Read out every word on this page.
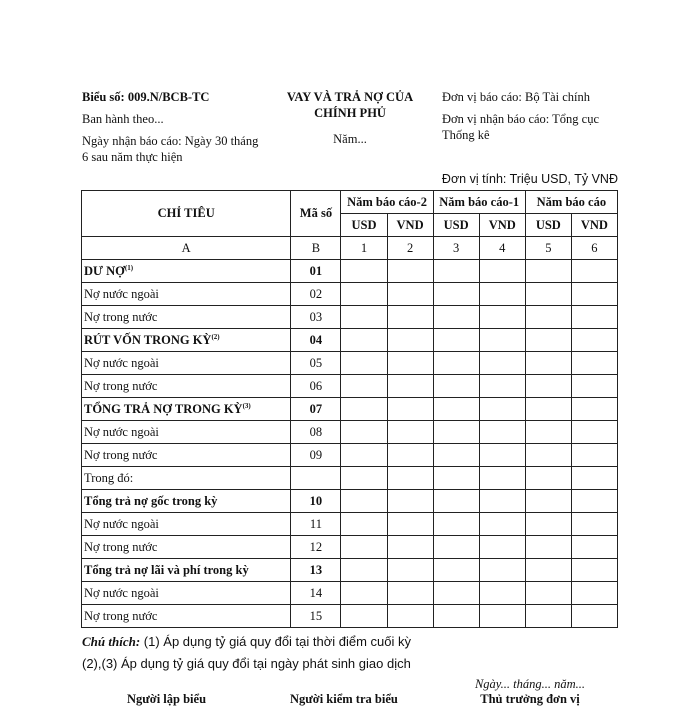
Biểu số: 009.N/BCB-TC
Ban hành theo...
Ngày nhận báo cáo: Ngày 30 tháng 6 sau năm thực hiện
VAY VÀ TRẢ NỢ CỦA
CHÍNH PHỦ
Năm...
Đơn vị báo cáo: Bộ Tài chính
Đơn vị nhận báo cáo: Tổng cục Thống kê
Đơn vị tính: Triệu USD, Tỷ VNĐ
CHỈ TIÊU	Mã số	Năm báo cáo-2		Năm báo cáo-1		Năm báo cáo	
		USD	VND	USD	VND	USD	VND
A	B	1	2	3	4	5	6
DƯ NỢ$^{(1)}$	01						
Nợ nước ngoài	02						
Nợ trong nước	03						
RÚT VỐN TRONG KỲ$^{(2)}$	04						
Nợ nước ngoài	05						
Nợ trong nước	06						
TỔNG TRẢ NỢ TRONG KỲ$^{(3)}$	07						
Nợ nước ngoài	08						
Nợ trong nước	09						
Trong đó:							
Tổng trả nợ gốc trong kỳ	10						
Nợ nước ngoài	11						
Nợ trong nước	12						
Tổng trả nợ lãi và phí trong kỳ	13						
Nợ nước ngoài	14						
Nợ trong nước	15						
Chú thích: (1) Áp dụng tỷ giá quy đổi tại thời điểm cuối kỳ
(2),(3) Áp dụng tỷ giá quy đổi tại ngày phát sinh giao dịch
Ngày... tháng... năm...
Thủ trưởng đơn vị
Người lập biểu	Người kiểm tra biểu
